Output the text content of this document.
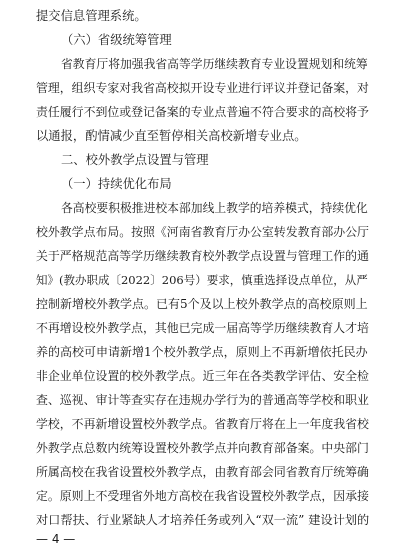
提交信息管理系统。
（六）省级统筹管理
省教育厅将加强我省高等学历继续教育专业设置规划和统筹
管理，组织专家对我省高校拟开设专业进行评议并登记备案，对
责任履行不到位或登记备案的专业点普遍不符合要求的高校将予
以通报，酌情减少直至暂停相关高校新增专业点。
二、校外教学点设置与管理
（一）持续优化布局
各高校要积极推进校本部加线上教学的培养模式，持续优化
校外教学点布局。按照《河南省教育厅办公室转发教育部办公厅
关于严格规范高等学历继续教育校外教学点设置与管理工作的通
知》(教办职成〔2022〕206号）要求，慎重选择设点单位，从严
控制新增校外教学点。已有5个及以上校外教学点的高校原则上
不再增设校外教学点，其他已完成一届高等学历继续教育人才培
养的高校可申请新增1个校外教学点，原则上不再新增依托民办
非企业单位设置的校外教学点。近三年在各类教学评估、安全检
查、巡视、审计等查实存在违规办学行为的普通高等学校和职业
学校，不再新增设置校外教学点。省教育厅将在上一年度我省校
外教学点总数内统筹设置校外教学点并向教育部备案。中央部门
所属高校在我省设置校外教学点，由教育部会同省教育厅统筹确
定。原则上不受理省外地方高校在我省设置校外教学点，因承接
对口帮扶、行业紧缺人才培养任务或列入“双一流” 建设计划的
— 4 —
